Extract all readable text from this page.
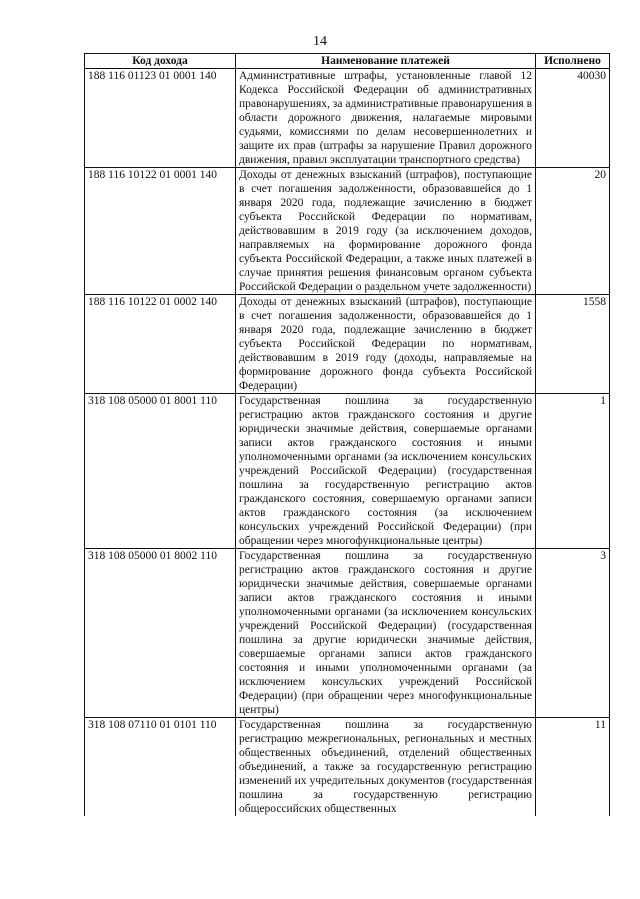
14
Код дохода	Наименование платежей	Исполнено
188 116 01123 01 0001 140	Административные штрафы, установленные главой 12 Кодекса Российской Федерации об административных правонарушениях, за административные правонарушения в области дорожного движения, налагаемые мировыми судьями, комиссиями по делам несовершеннолетних и защите их прав (штрафы за нарушение Правил дорожного движения, правил эксплуатации транспортного средства)	40030
188 116 10122 01 0001 140	Доходы от денежных взысканий (штрафов), поступающие в счет погашения задолженности, образовавшейся до 1 января 2020 года, подлежащие зачислению в бюджет субъекта Российской Федерации по нормативам, действовавшим в 2019 году (за исключением доходов, направляемых на формирование дорожного фонда субъекта Российской Федерации, а также иных платежей в случае принятия решения финансовым органом субъекта Российской Федерации о раздельном учете задолженности)	20
188 116 10122 01 0002 140	Доходы от денежных взысканий (штрафов), поступающие в счет погашения задолженности, образовавшейся до 1 января 2020 года, подлежащие зачислению в бюджет субъекта Российской Федерации по нормативам, действовавшим в 2019 году (доходы, направляемые на формирование дорожного фонда субъекта Российской Федерации)	1558
318 108 05000 01 8001 110	Государственная пошлина за государственную регистрацию актов гражданского состояния и другие юридически значимые действия, совершаемые органами записи актов гражданского состояния и иными уполномоченными органами (за исключением консульских учреждений Российской Федерации) (государственная пошлина за государственную регистрацию актов гражданского состояния, совершаемую органами записи актов гражданского состояния (за исключением консульских учреждений Российской Федерации) (при обращении через многофункциональные центры)	1
318 108 05000 01 8002 110	Государственная пошлина за государственную регистрацию актов гражданского состояния и другие юридически значимые действия, совершаемые органами записи актов гражданского состояния и иными уполномоченными органами (за исключением консульских учреждений Российской Федерации) (государственная пошлина за другие юридически значимые действия, совершаемые органами записи актов гражданского состояния и иными уполномоченными органами (за исключением консульских учреждений Российской Федерации) (при обращении через многофункциональные центры)	3
318 108 07110 01 0101 110	Государственная пошлина за государственную регистрацию межрегиональных, региональных и местных общественных объединений, отделений общественных объединений, а также за государственную регистрацию изменений их учредительных документов (государственная пошлина за государственную регистрацию общероссийских общественных	11
